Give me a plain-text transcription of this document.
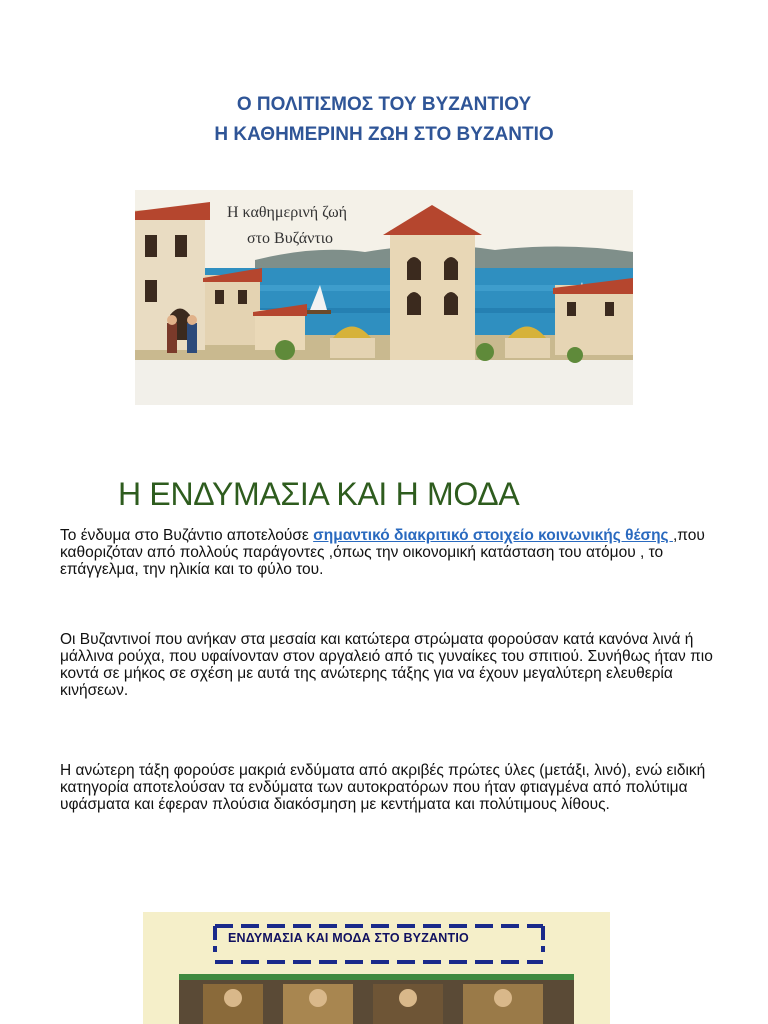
Ο ΠΟΛΙΤΙΣΜΟΣ ΤΟΥ ΒΥΖΑΝΤΙΟΥ
Η ΚΑΘΗΜΕΡΙΝΗ ΖΩΗ ΣΤΟ ΒΥΖΑΝΤΙΟ
Η καθημερινή ζωή
στο Βυζάντιο
Η ΕΝΔΥΜΑΣΙΑ ΚΑΙ Η ΜΟΔΑ
Το ένδυμα στο Βυζάντιο αποτελούσε σημαντικό διακριτικό στοιχείο κοινωνικής θέσης ,που καθοριζόταν από πολλούς παράγοντες ,όπως την οικονομική κατάσταση του ατόμου , το επάγγελμα, την ηλικία και το φύλο του.
Οι Βυζαντινοί που ανήκαν στα μεσαία και κατώτερα στρώματα φορούσαν κατά κανόνα λινά ή μάλλινα ρούχα, που υφαίνονταν στον αργαλειό από τις γυναίκες του σπιτιού. Συνήθως ήταν πιο κοντά σε μήκος σε σχέση με αυτά της ανώτερης τάξης για να έχουν μεγαλύτερη ελευθερία κινήσεων.
Η ανώτερη τάξη φορούσε μακριά ενδύματα από ακριβές πρώτες ύλες (μετάξι, λινό), ενώ ειδική κατηγορία αποτελούσαν τα ενδύματα των αυτοκρατόρων που ήταν φτιαγμένα από πολύτιμα υφάσματα και έφεραν πλούσια διακόσμηση με κεντήματα και πολύτιμους λίθους.
ΕΝΔΥΜΑΣΙΑ ΚΑΙ ΜΟΔΑ ΣΤΟ ΒΥΖΑΝΤΙΟ
